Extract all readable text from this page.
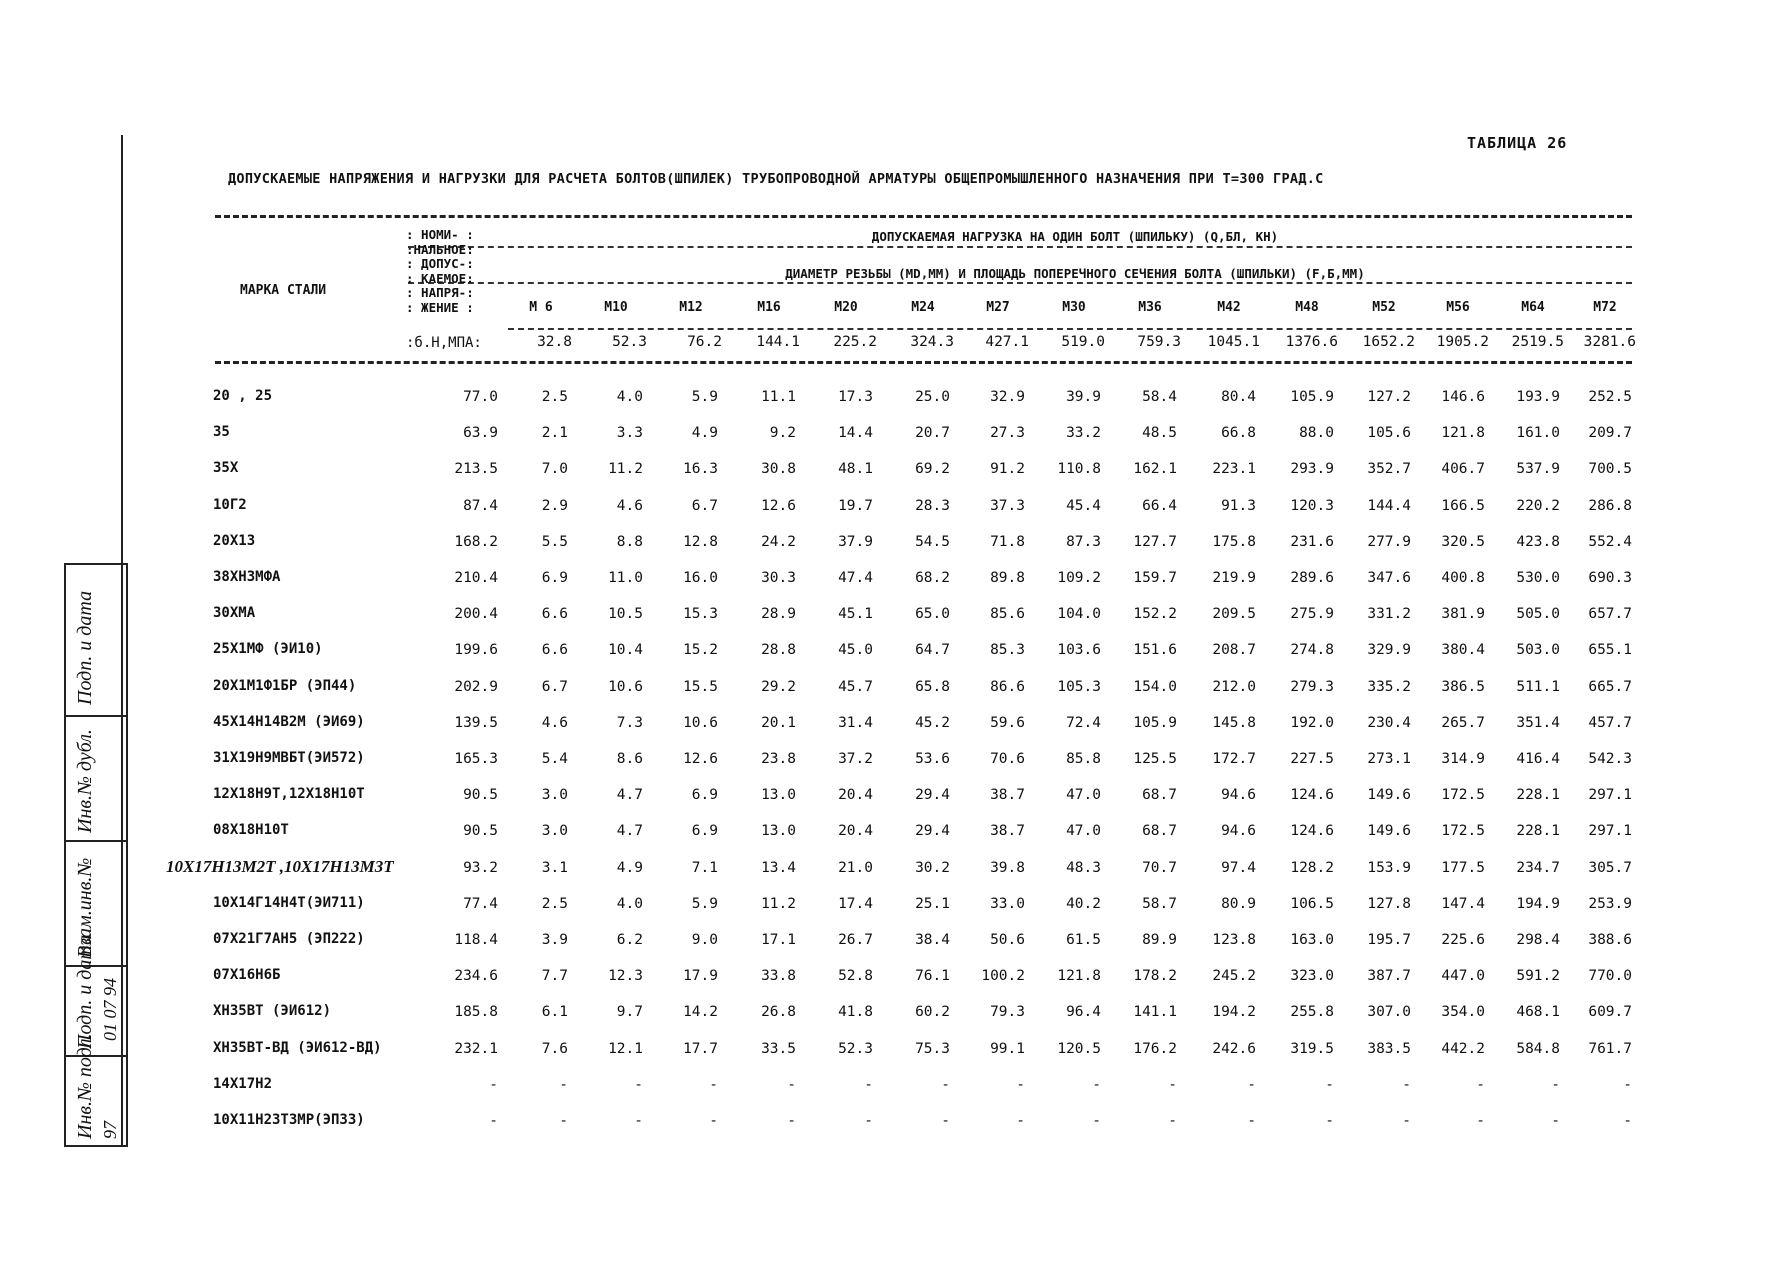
Подп. и дата
Инв.№ дубл.
Взам.инв.№
Подп. и дата
Инв.№ подл.
01 07 94
97
ТАБЛИЦА 26
ДОПУСКАЕМЫЕ НАПРЯЖЕНИЯ И НАГРУЗКИ ДЛЯ РАСЧЕТА БОЛТОВ(ШПИЛЕК) ТРУБОПРОВОДНОЙ АРМАТУРЫ ОБЩЕПРОМЫШЛЕННОГО НАЗНАЧЕНИЯ ПРИ Т=300 ГРАД.С
МАРКА СТАЛИ
: НОМИ- :
:НАЛЬНОЕ:
: ДОПУС-:
: КАЕМОЕ:
: НАПРЯ-:
: ЖЕНИЕ :
:б.Н,МПА:
ДОПУСКАЕМАЯ НАГРУЗКА НА ОДИН БОЛТ (ШПИЛЬКУ) (Q,БЛ, КН)
ДИАМЕТР РЕЗЬБЫ (МD,ММ) И ПЛОЩАДЬ ПОПЕРЕЧНОГО СЕЧЕНИЯ БОЛТА (ШПИЛЬКИ) (F,Б,ММ)
М 6	М10	М12	М16	М20	М24	М27	М30	М36	М42	М48	М52	М56	М64	М72
32.8	52.3	76.2	144.1	225.2	324.3	427.1	519.0	759.3	1045.1	1376.6	1652.2	1905.2	2519.5	3281.6
20 , 25	77.0	2.5	4.0	5.9	11.1	17.3	25.0	32.9	39.9	58.4	80.4	105.9	127.2	146.6	193.9	252.5
35	63.9	2.1	3.3	4.9	9.2	14.4	20.7	27.3	33.2	48.5	66.8	88.0	105.6	121.8	161.0	209.7
35Х	213.5	7.0	11.2	16.3	30.8	48.1	69.2	91.2	110.8	162.1	223.1	293.9	352.7	406.7	537.9	700.5
10Г2	87.4	2.9	4.6	6.7	12.6	19.7	28.3	37.3	45.4	66.4	91.3	120.3	144.4	166.5	220.2	286.8
20Х13	168.2	5.5	8.8	12.8	24.2	37.9	54.5	71.8	87.3	127.7	175.8	231.6	277.9	320.5	423.8	552.4
38ХН3МФА	210.4	6.9	11.0	16.0	30.3	47.4	68.2	89.8	109.2	159.7	219.9	289.6	347.6	400.8	530.0	690.3
30ХМА	200.4	6.6	10.5	15.3	28.9	45.1	65.0	85.6	104.0	152.2	209.5	275.9	331.2	381.9	505.0	657.7
25Х1МФ (ЭИ10)	199.6	6.6	10.4	15.2	28.8	45.0	64.7	85.3	103.6	151.6	208.7	274.8	329.9	380.4	503.0	655.1
20Х1М1Ф1БР (ЭП44)	202.9	6.7	10.6	15.5	29.2	45.7	65.8	86.6	105.3	154.0	212.0	279.3	335.2	386.5	511.1	665.7
45Х14Н14В2М (ЭИ69)	139.5	4.6	7.3	10.6	20.1	31.4	45.2	59.6	72.4	105.9	145.8	192.0	230.4	265.7	351.4	457.7
31Х19Н9МВБТ(ЭИ572)	165.3	5.4	8.6	12.6	23.8	37.2	53.6	70.6	85.8	125.5	172.7	227.5	273.1	314.9	416.4	542.3
12Х18Н9Т,12Х18Н10Т	90.5	3.0	4.7	6.9	13.0	20.4	29.4	38.7	47.0	68.7	94.6	124.6	149.6	172.5	228.1	297.1
08Х18Н10Т	90.5	3.0	4.7	6.9	13.0	20.4	29.4	38.7	47.0	68.7	94.6	124.6	149.6	172.5	228.1	297.1
10Х17Н13М2Т ,10Х17Н13М3Т	93.2	3.1	4.9	7.1	13.4	21.0	30.2	39.8	48.3	70.7	97.4	128.2	153.9	177.5	234.7	305.7
10Х14Г14Н4Т(ЭИ711)	77.4	2.5	4.0	5.9	11.2	17.4	25.1	33.0	40.2	58.7	80.9	106.5	127.8	147.4	194.9	253.9
07Х21Г7АН5 (ЭП222)	118.4	3.9	6.2	9.0	17.1	26.7	38.4	50.6	61.5	89.9	123.8	163.0	195.7	225.6	298.4	388.6
07Х16Н6Б	234.6	7.7	12.3	17.9	33.8	52.8	76.1	100.2	121.8	178.2	245.2	323.0	387.7	447.0	591.2	770.0
ХН35ВТ (ЭИ612)	185.8	6.1	9.7	14.2	26.8	41.8	60.2	79.3	96.4	141.1	194.2	255.8	307.0	354.0	468.1	609.7
ХН35ВТ-ВД (ЭИ612-ВД)	232.1	7.6	12.1	17.7	33.5	52.3	75.3	99.1	120.5	176.2	242.6	319.5	383.5	442.2	584.8	761.7
14Х17Н2	-	-	-	-	-	-	-	-	-	-	-	-	-	-	-	-
10Х11Н23Т3МР(ЭП33)	-	-	-	-	-	-	-	-	-	-	-	-	-	-	-	-
